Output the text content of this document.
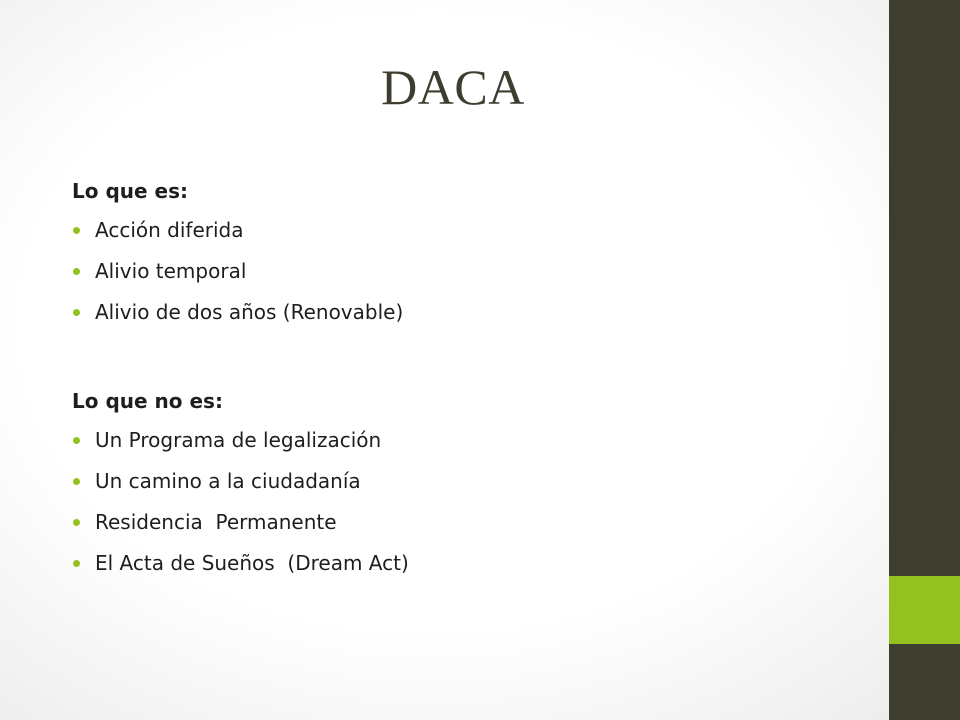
DACA

Lo que es:

Acción diferida
Alivio temporal
Alivio de dos años (Renovable)

Lo que no es:

Un Programa de legalización
Un camino a la ciudadanía
Residencia  Permanente
El Acta de Sueños  (Dream Act)
